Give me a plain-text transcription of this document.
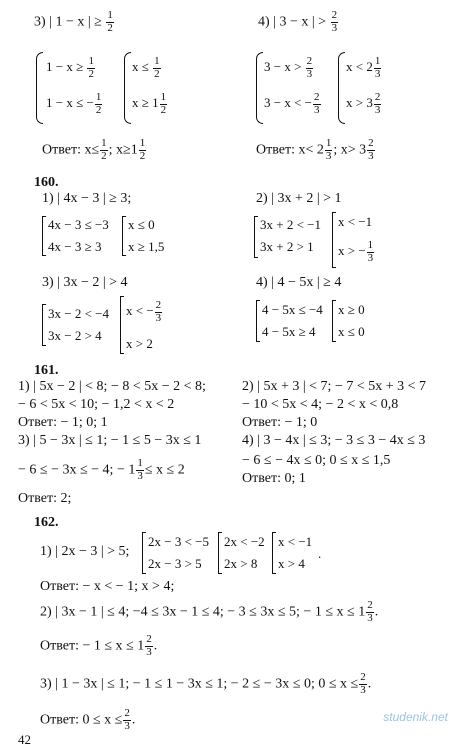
3) | 1 − x | ≥ $\frac{1}{2}$	4) | 3 − x | > $\frac{2}{3}$
$1 - x \ge \frac{1}{2}$
1 − x ≤ − $\frac{1}{2}$
$x \le \frac{1}{2}$
$x \ge 1 \frac{1}{2}$
$3 - x > \frac{2}{3}$
3 − x < − $\frac{2}{3}$
$x < 2 \frac{1}{3}$
$x > 3 \frac{2}{3}$
Ответ: $x\le \frac{1}{2}$ ; $x\ge 1 \frac{1}{2}$	Ответ: $x< 2 \frac{1}{3}$ ; $x> 3 \frac{2}{3}$
160.
1) | 4x − 3 | ≥ 3;	2) | 3x + 2 | > 1
4x − 3 ≤ −3
4x − 3 ≥ 3
x ≤ 0
x ≥ 1,5
3x + 2 < −1
3x + 2 > 1
x < −1
x > − $\frac{1}{3}$
3) | 3x − 2 | > 4	4) | 4 − 5x | ≥ 4
3x − 2 < −4
3x − 2 > 4
x < − $\frac{2}{3}$
x > 2
4 − 5x ≤ −4
4 − 5x ≥ 4
x ≥ 0
x ≤ 0
161.
1) | 5x − 2 | < 8; − 8 < 5x − 2 < 8;
− 6 < 5x < 10; − 1,2 < x < 2
Ответ: − 1; 0; 1
2) | 5x + 3 | < 7; − 7 < 5x + 3 < 7
− 10 < 5x < 4; − 2 < x < 0,8
Ответ: − 1; 0
3) | 5 − 3x | ≤ 1; − 1 ≤ 5 − 3x ≤ 1
− 6 ≤ − 3x ≤ − 4; − $1 \frac{1}{3} \le x \le 2$
Ответ: 2;
4) | 3 − 4x | ≤ 3; − 3 ≤ 3 − 4x ≤ 3
− 6 ≤ − 4x ≤ 0; 0 ≤ x ≤ 1,5
Ответ: 0; 1
162.
1) | 2x − 3 | > 5;
2x − 3 < −5
2x − 3 > 5
2x < −2
2x > 8
x < −1
x > 4
.
Ответ: − x < − 1; x > 4;
2) | 3x − 1 | ≤ 4; −4 ≤ 3x − 1 ≤ 4; − 3 ≤ 3x ≤ 5; − $1 \le x \le 1 \frac{2}{3}$ .
Ответ: − $1 \le x \le 1 \frac{2}{3}$ .
3) | 1 − 3x | ≤ 1; − 1 ≤ 1 − 3x ≤ 1; − 2 ≤ − 3x ≤ 0; $0 \le x \le \frac{2}{3}$ .
Ответ: $0 \le x \le \frac{2}{3}$ .	studenik.net
42
